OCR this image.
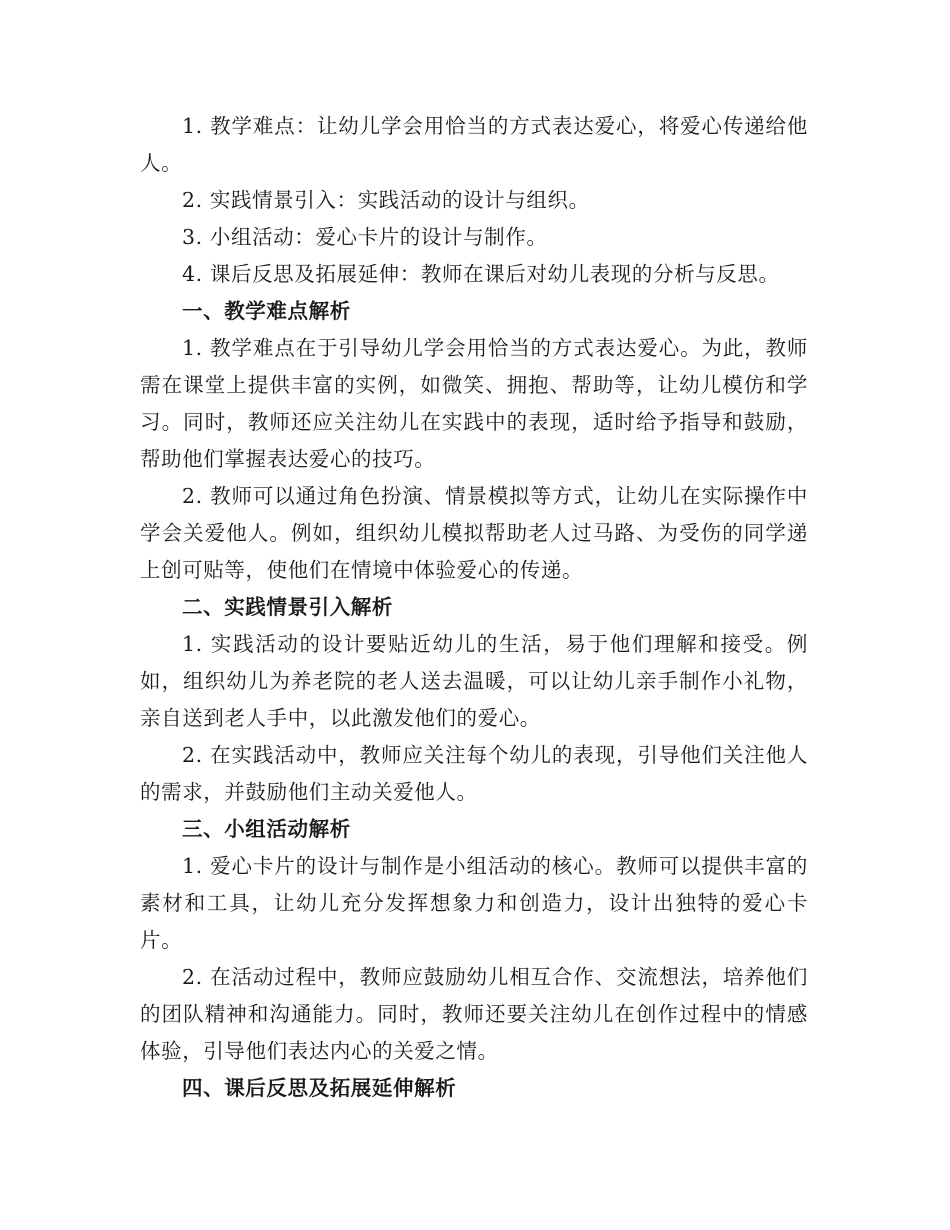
1. 教学难点：让幼儿学会用恰当的方式表达爱心，将爱心传递给他人。

2. 实践情景引入：实践活动的设计与组织。

3. 小组活动：爱心卡片的设计与制作。

4. 课后反思及拓展延伸：教师在课后对幼儿表现的分析与反思。

一、教学难点解析

1. 教学难点在于引导幼儿学会用恰当的方式表达爱心。为此，教师需在课堂上提供丰富的实例，如微笑、拥抱、帮助等，让幼儿模仿和学习。同时，教师还应关注幼儿在实践中的表现，适时给予指导和鼓励，帮助他们掌握表达爱心的技巧。

2. 教师可以通过角色扮演、情景模拟等方式，让幼儿在实际操作中学会关爱他人。例如，组织幼儿模拟帮助老人过马路、为受伤的同学递上创可贴等，使他们在情境中体验爱心的传递。

二、实践情景引入解析

1. 实践活动的设计要贴近幼儿的生活，易于他们理解和接受。例如，组织幼儿为养老院的老人送去温暖，可以让幼儿亲手制作小礼物，亲自送到老人手中，以此激发他们的爱心。

2. 在实践活动中，教师应关注每个幼儿的表现，引导他们关注他人的需求，并鼓励他们主动关爱他人。

三、小组活动解析

1. 爱心卡片的设计与制作是小组活动的核心。教师可以提供丰富的素材和工具，让幼儿充分发挥想象力和创造力，设计出独特的爱心卡片。

2. 在活动过程中，教师应鼓励幼儿相互合作、交流想法，培养他们的团队精神和沟通能力。同时，教师还要关注幼儿在创作过程中的情感体验，引导他们表达内心的关爱之情。

四、课后反思及拓展延伸解析
